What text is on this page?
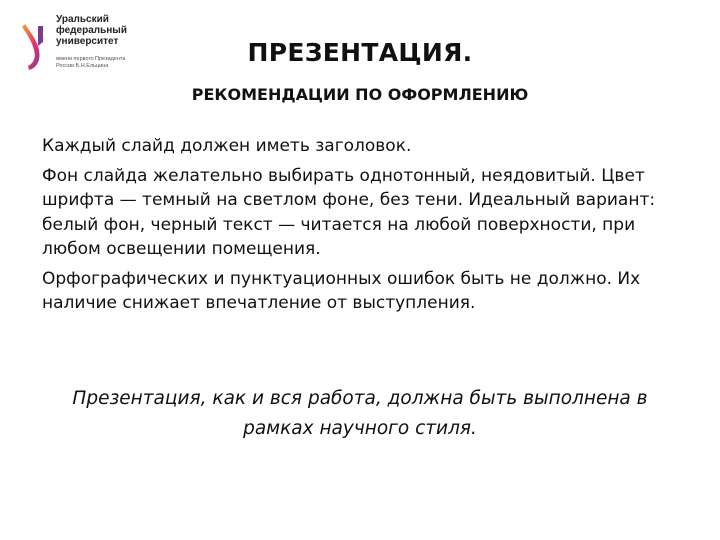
Уральский
федеральный
университет
имени первого Президента
России Б.Н.Ельцина	ПРЕЗЕНТАЦИЯ.
РЕКОМЕНДАЦИИ ПО ОФОРМЛЕНИЮ

Каждый слайд должен иметь заголовок.

Фон слайда желательно выбирать однотонный, неядовитый. Цвет шрифта — темный на светлом фоне, без тени. Идеальный вариант: белый фон, черный текст — читается на любой поверхности, при любом освещении помещения.

Орфографических и пунктуационных ошибок быть не должно. Их наличие снижает впечатление от выступления.

Презентация, как и вся работа, должна быть выполнена в рамках научного стиля.
